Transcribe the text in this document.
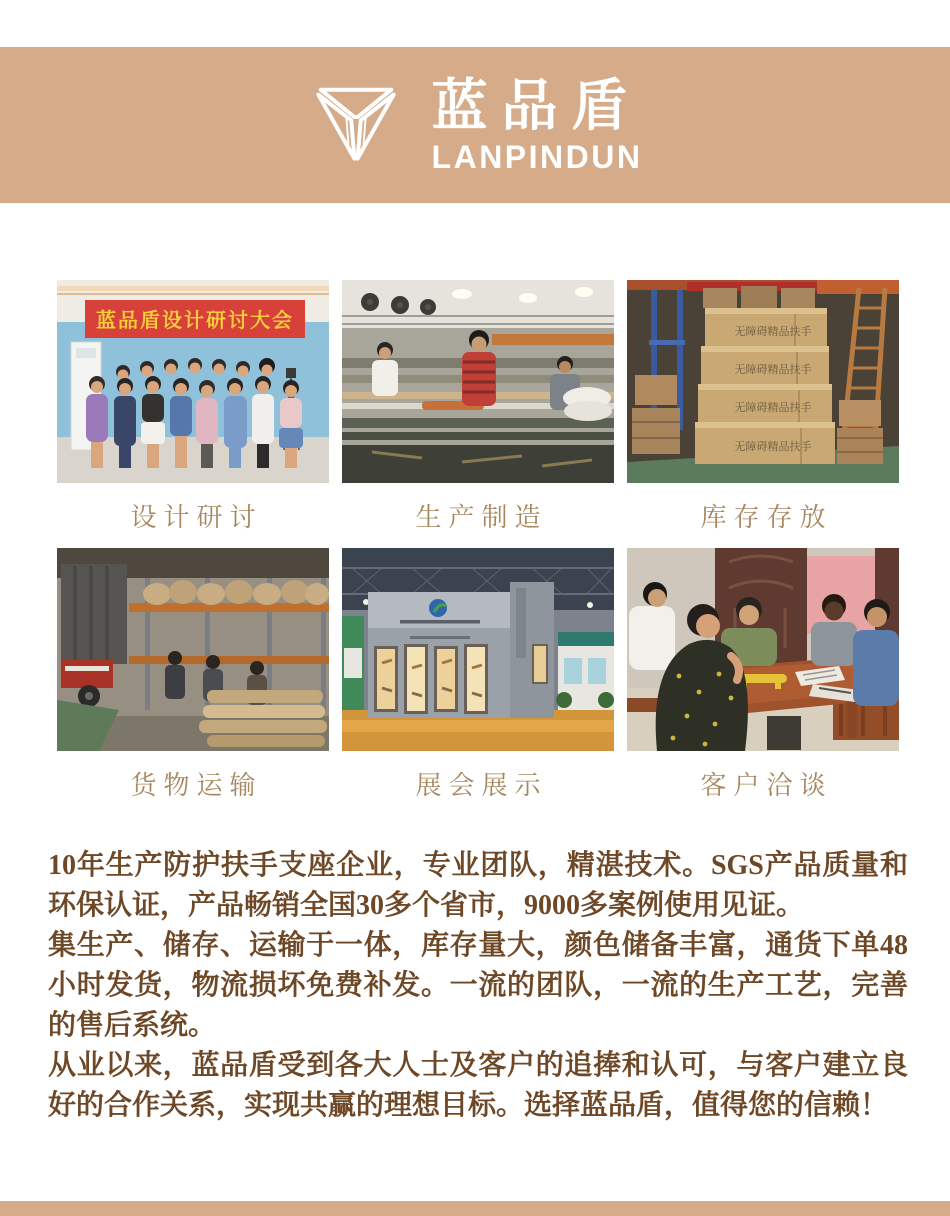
蓝品盾
LANPINDUN
蓝品盾设计研讨大会
设计研讨	生产制造
无障碍精品扶手
无障碍精品扶手
无障碍精品扶手
无障碍精品扶手
库存存放
货物运输	展会展示	客户洽谈

10年生产防护扶手支座企业，专业团队，精湛技术。SGS产品质量和环保认证，产品畅销全国30多个省市，9000多案例使用见证。

集生产、储存、运输于一体，库存量大，颜色储备丰富，通货下单48小时发货，物流损坏免费补发。一流的团队，一流的生产工艺，完善的售后系统。

从业以来，蓝品盾受到各大人士及客户的追捧和认可，与客户建立良好的合作关系，实现共赢的理想目标。选择蓝品盾，值得您的信赖！
